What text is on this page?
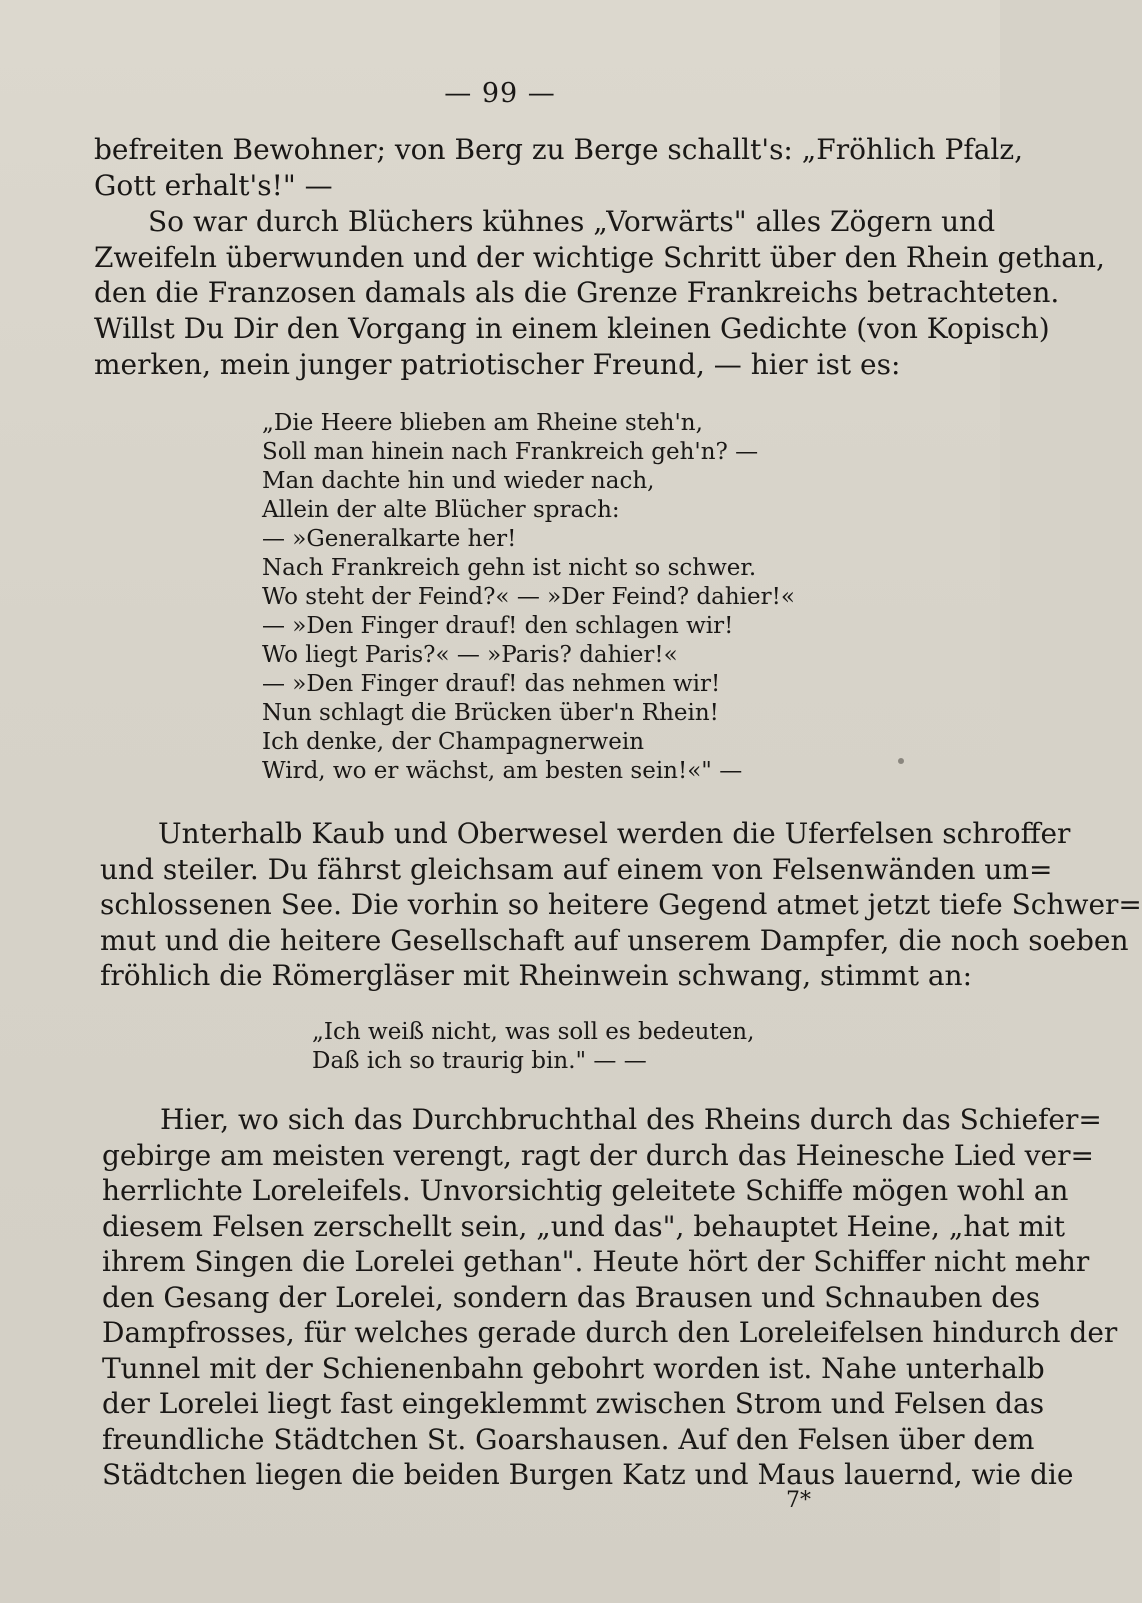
— 99 —
befreiten Bewohner; von Berg zu Berge schallt's: „Fröhlich Pfalz,
Gott erhalt's!" —
So war durch Blüchers kühnes „Vorwärts" alles Zögern und
Zweifeln überwunden und der wichtige Schritt über den Rhein gethan,
den die Franzosen damals als die Grenze Frankreichs betrachteten.
Willst Du Dir den Vorgang in einem kleinen Gedichte (von Kopisch)
merken, mein junger patriotischer Freund, — hier ist es:
„Die Heere blieben am Rheine steh'n,
Soll man hinein nach Frankreich geh'n? —
Man dachte hin und wieder nach,
Allein der alte Blücher sprach:
— »Generalkarte her!
Nach Frankreich gehn ist nicht so schwer.
Wo steht der Feind?« — »Der Feind? dahier!«
— »Den Finger drauf! den schlagen wir!
Wo liegt Paris?« — »Paris? dahier!«
— »Den Finger drauf! das nehmen wir!
Nun schlagt die Brücken über'n Rhein!
Ich denke, der Champagnerwein
Wird, wo er wächst, am besten sein!«" —
Unterhalb Kaub und Oberwesel werden die Uferfelsen schroffer
und steiler. Du fährst gleichsam auf einem von Felsenwänden um=
schlossenen See. Die vorhin so heitere Gegend atmet jetzt tiefe Schwer=
mut und die heitere Gesellschaft auf unserem Dampfer, die noch soeben
fröhlich die Römergläser mit Rheinwein schwang, stimmt an:
„Ich weiß nicht, was soll es bedeuten,
Daß ich so traurig bin." — —
Hier, wo sich das Durchbruchthal des Rheins durch das Schiefer=
gebirge am meisten verengt, ragt der durch das Heinesche Lied ver=
herrlichte Loreleifels. Unvorsichtig geleitete Schiffe mögen wohl an
diesem Felsen zerschellt sein, „und das", behauptet Heine, „hat mit
ihrem Singen die Lorelei gethan". Heute hört der Schiffer nicht mehr
den Gesang der Lorelei, sondern das Brausen und Schnauben des
Dampfrosses, für welches gerade durch den Loreleifelsen hindurch der
Tunnel mit der Schienenbahn gebohrt worden ist. Nahe unterhalb
der Lorelei liegt fast eingeklemmt zwischen Strom und Felsen das
freundliche Städtchen St. Goarshausen. Auf den Felsen über dem
Städtchen liegen die beiden Burgen Katz und Maus lauernd, wie die
7*
